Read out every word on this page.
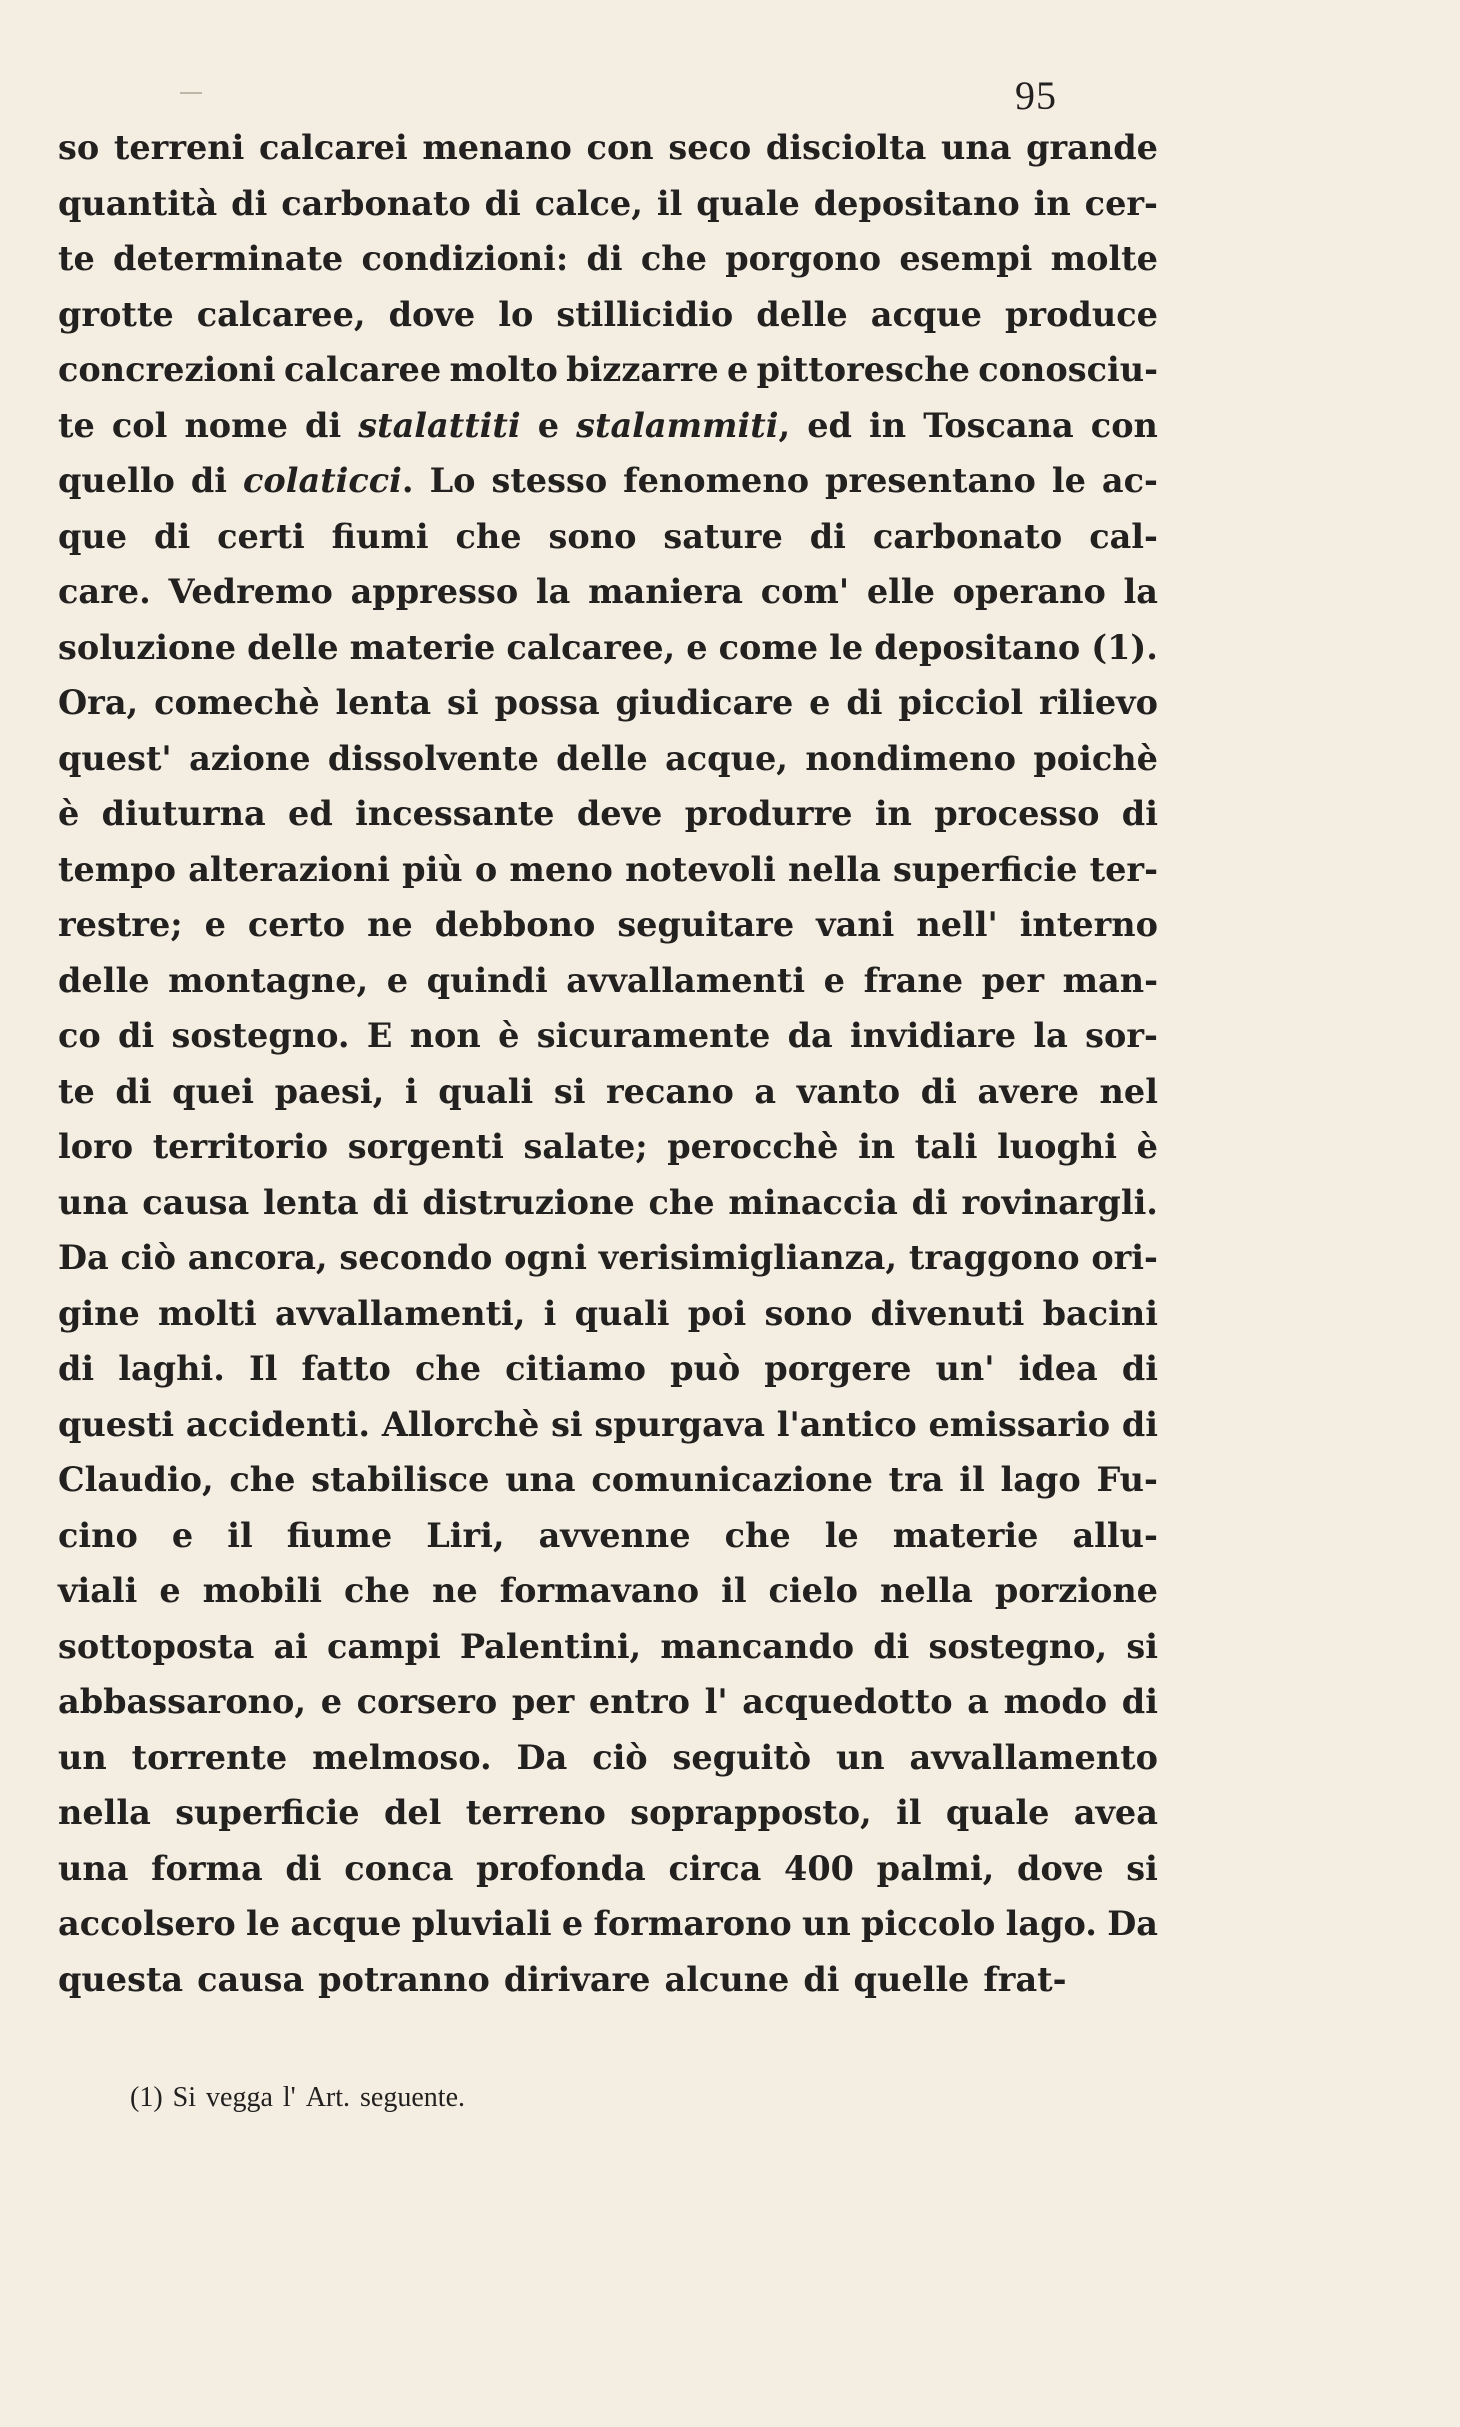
95
so terreni calcarei menano con seco disciolta una grande
quantità di carbonato di calce, il quale depositano in cer-
te determinate condizioni: di che porgono esempi molte
grotte calcaree, dove lo stillicidio delle acque produce
concrezioni calcaree molto bizzarre e pittoresche conosciu-
te col nome di stalattiti e stalammiti, ed in Toscana con
quello di colaticci. Lo stesso fenomeno presentano le ac-
que di certi fiumi che sono sature di carbonato cal-
care. Vedremo appresso la maniera com' elle operano la
soluzione delle materie calcaree, e come le depositano (1).
Ora, comechè lenta si possa giudicare e di picciol rilievo
quest' azione dissolvente delle acque, nondimeno poichè
è diuturna ed incessante deve produrre in processo di
tempo alterazioni più o meno notevoli nella superficie ter-
restre; e certo ne debbono seguitare vani nell' interno
delle montagne, e quindi avvallamenti e frane per man-
co di sostegno. E non è sicuramente da invidiare la sor-
te di quei paesi, i quali si recano a vanto di avere nel
loro territorio sorgenti salate; perocchè in tali luoghi è
una causa lenta di distruzione che minaccia di rovinargli.
Da ciò ancora, secondo ogni verisimiglianza, traggono ori-
gine molti avvallamenti, i quali poi sono divenuti bacini
di laghi. Il fatto che citiamo può porgere un' idea di
questi accidenti. Allorchè si spurgava l'antico emissario di
Claudio, che stabilisce una comunicazione tra il lago Fu-
cino e il fiume Liri, avvenne che le materie allu-
viali e mobili che ne formavano il cielo nella porzione
sottoposta ai campi Palentini, mancando di sostegno, si
abbassarono, e corsero per entro l' acquedotto a modo di
un torrente melmoso. Da ciò seguitò un avvallamento
nella superficie del terreno soprapposto, il quale avea
una forma di conca profonda circa 400 palmi, dove si
accolsero le acque pluviali e formarono un piccolo lago. Da
questa causa potranno dirivare alcune di quelle frat-
(1) Si vegga l' Art. seguente.
